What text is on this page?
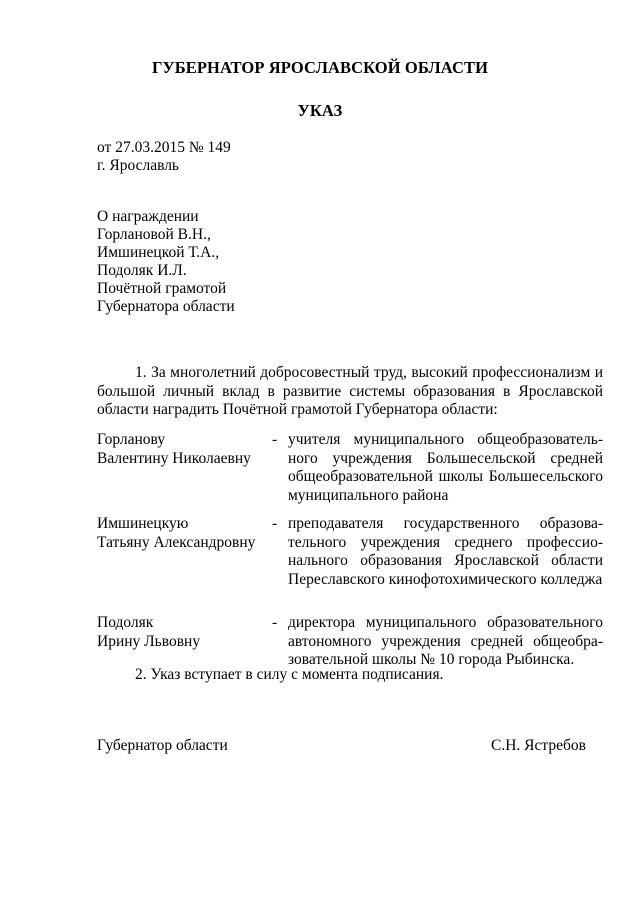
ГУБЕРНАТОР ЯРОСЛАВСКОЙ ОБЛАСТИ
УКАЗ
от 27.03.2015 № 149
г. Ярославль
О награждении
Горлановой В.Н.,
Имшинецкой Т.А.,
Подоляк И.Л.
Почётной грамотой
Губернатора области
1. За многолетний добросовестный труд, высокий профессионализм и большой личный вклад в развитие системы образования в Ярославской области наградить Почётной грамотой Губернатора области:
Горланову
Валентину Николаевну
- учителя муниципального общеобразовательного учреждения Большесельской средней общеобразовательной школы Большесельского муниципального района
Имшинецкую
Татьяну Александровну
- преподавателя государственного образовательного учреждения среднего профессионального образования Ярославской области Переславского кинофотохимического колледжа
Подоляк
Ирину Львовну
- директора муниципального образовательного автономного учреждения средней общеобразовательной школы № 10 города Рыбинска.
2. Указ вступает в силу с момента подписания.
Губернатор области	С.Н. Ястребов
